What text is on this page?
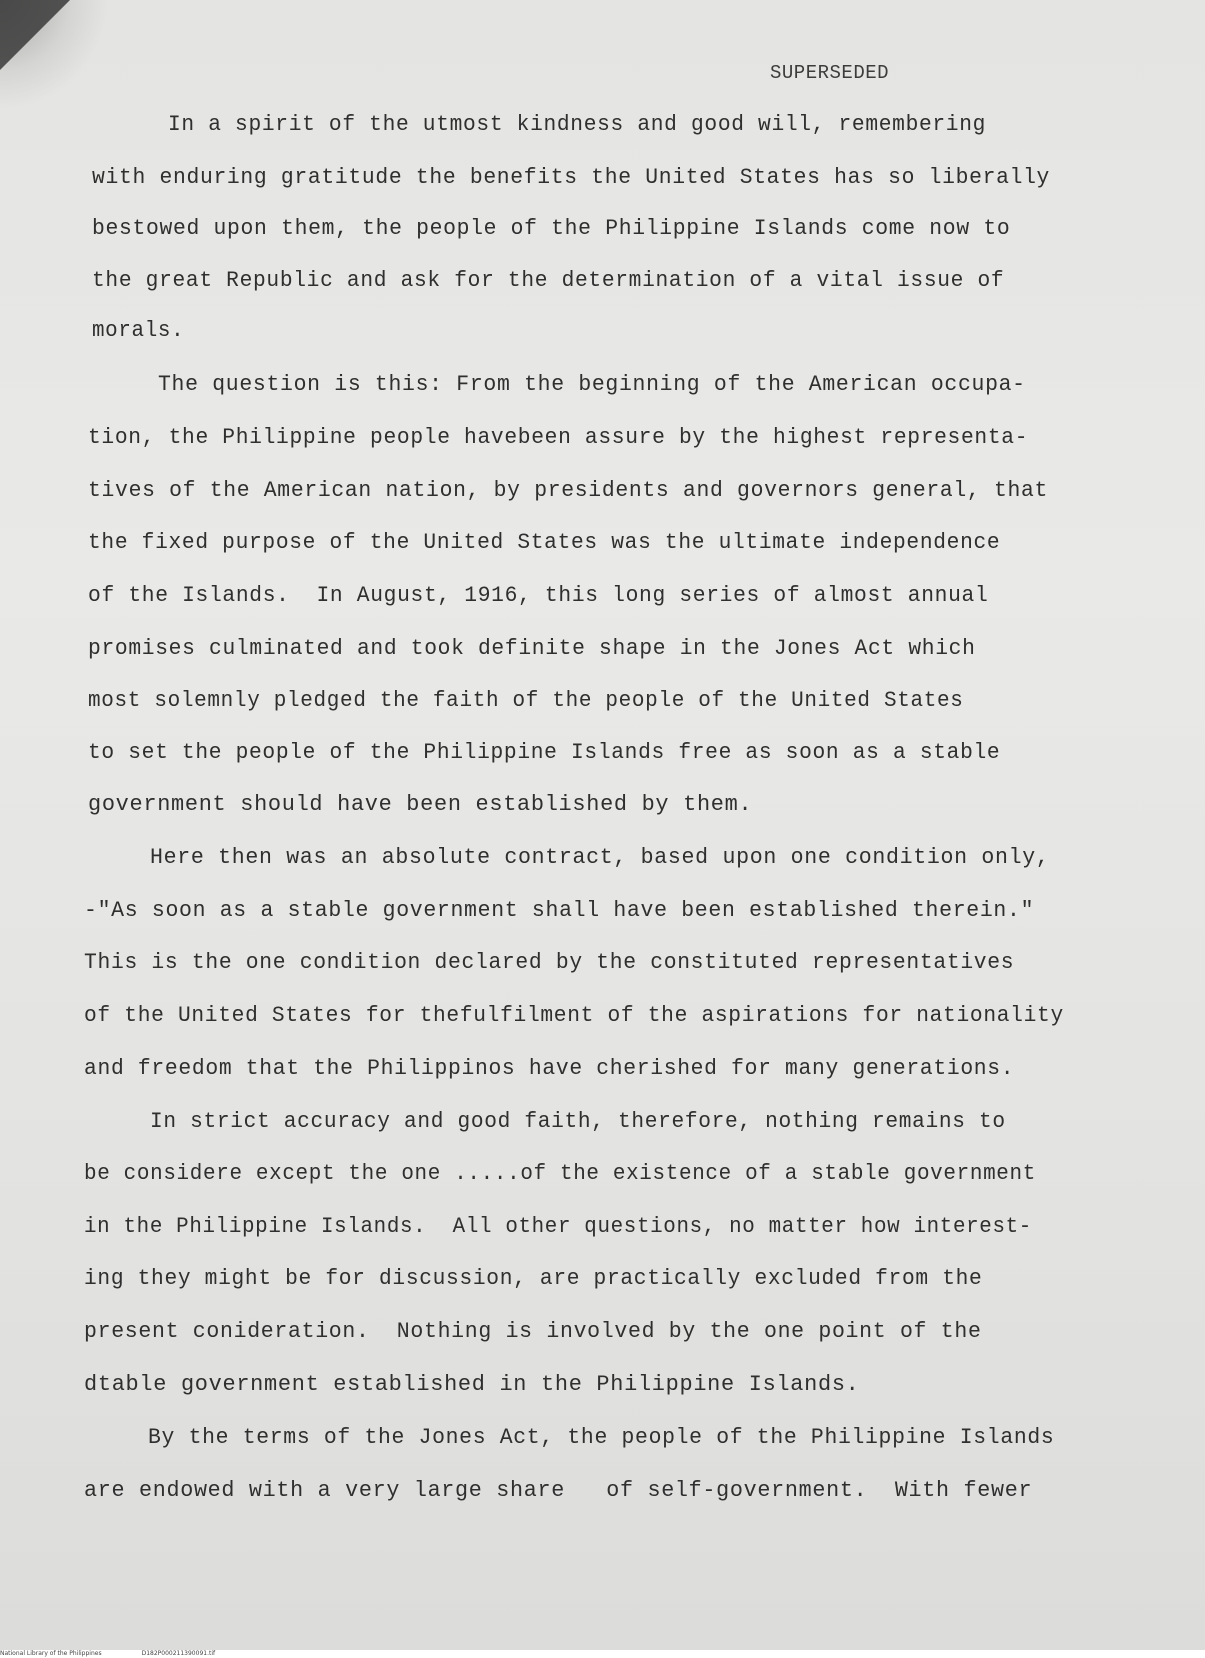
SUPERSEDED
In a spirit of the utmost kindness and good will, remembering
with enduring gratitude the benefits the United States has so liberally
bestowed upon them, the people of the Philippine Islands come now to
the great Republic and ask for the determination of a vital issue of
morals.
The question is this: From the beginning of the American occupa-
tion, the Philippine people havebeen assure by the highest representa-
tives of the American nation, by presidents and governors general, that
the fixed purpose of the United States was the ultimate independence
of the Islands.  In August, 1916, this long series of almost annual
promises culminated and took definite shape in the Jones Act which
most solemnly pledged the faith of the people of the United States
to set the people of the Philippine Islands free as soon as a stable
government should have been established by them.
Here then was an absolute contract, based upon one condition only,
-"As soon as a stable government shall have been established therein."
This is the one condition declared by the constituted representatives
of the United States for thefulfilment of the aspirations for nationality
and freedom that the Philippinos have cherished for many generations.
In strict accuracy and good faith, therefore, nothing remains to
be considere except the one .....of the existence of a stable government
in the Philippine Islands.  All other questions, no matter how interest-
ing they might be for discussion, are practically excluded from the
present conideration.  Nothing is involved by the one point of the
dtable government established in the Philippine Islands.
By the terms of the Jones Act, the people of the Philippine Islands
are endowed with a very large share   of self-government.  With fewer
National Library of the Philippines	D182P000211390091.tif
